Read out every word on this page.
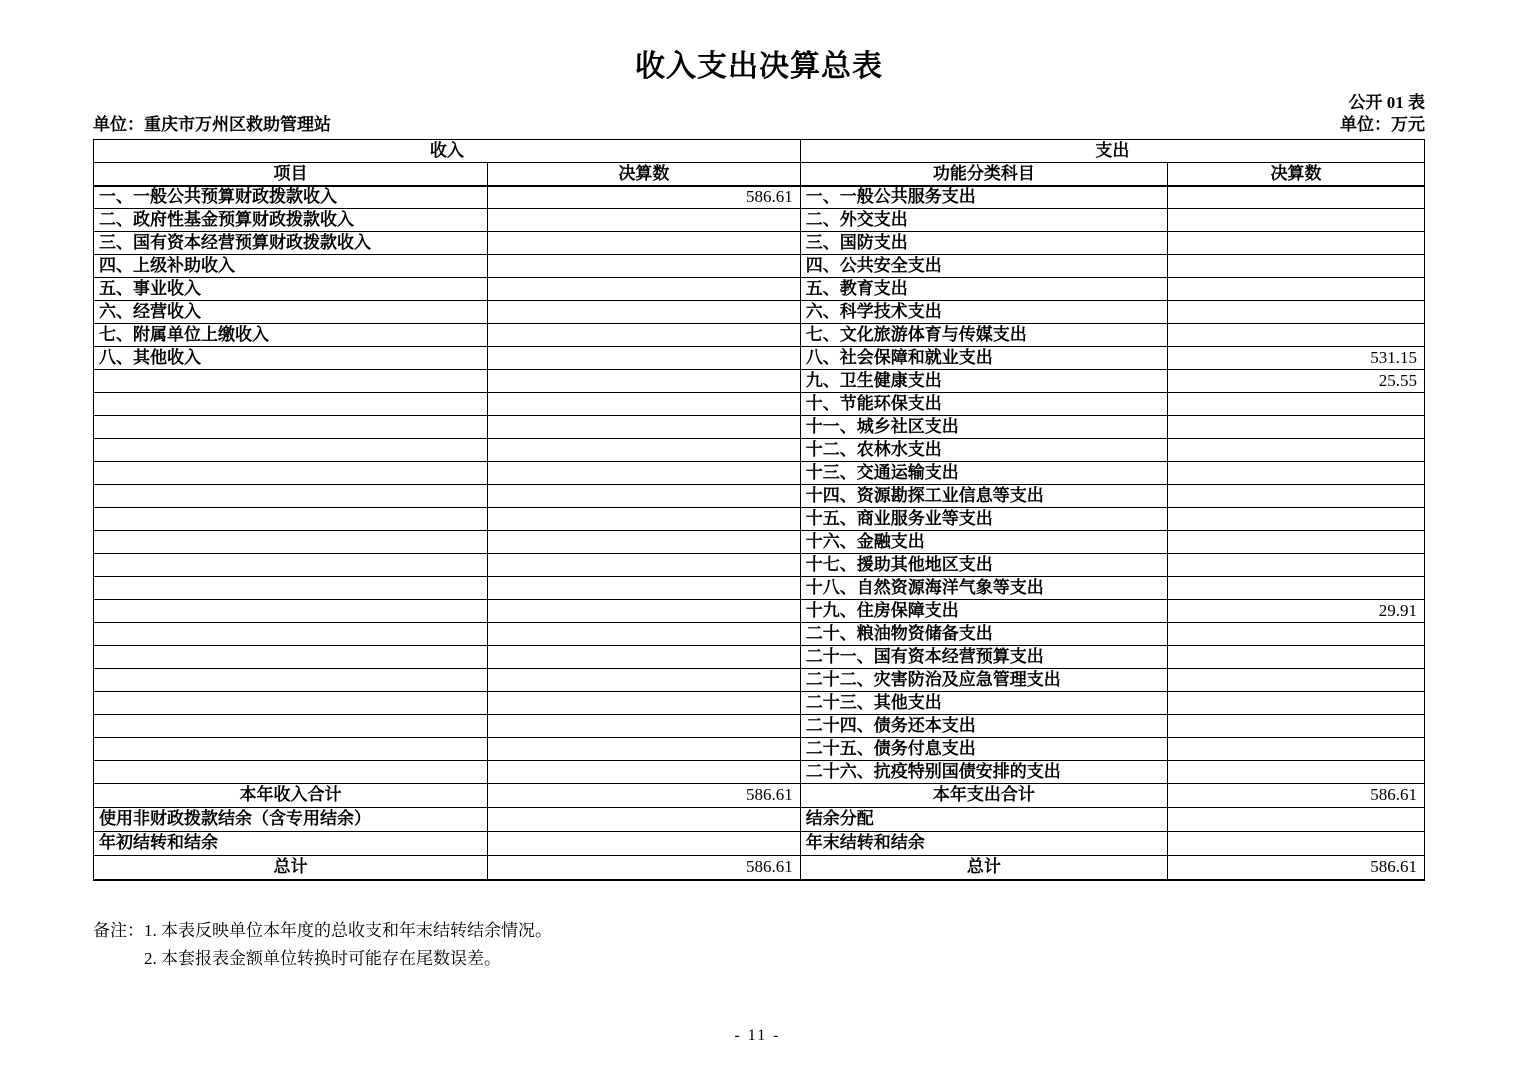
收入支出决算总表
公开 01 表
单位：重庆市万州区救助管理站	单位：万元
收入		支出	
项目	决算数	功能分类科目	决算数
一、一般公共预算财政拨款收入	586.61	一、一般公共服务支出	
二、政府性基金预算财政拨款收入		二、外交支出	
三、国有资本经营预算财政拨款收入		三、国防支出	
四、上级补助收入		四、公共安全支出	
五、事业收入		五、教育支出	
六、经营收入		六、科学技术支出	
七、附属单位上缴收入		七、文化旅游体育与传媒支出	
八、其他收入		八、社会保障和就业支出	531.15
		九、卫生健康支出	25.55
		十、节能环保支出	
		十一、城乡社区支出	
		十二、农林水支出	
		十三、交通运输支出	
		十四、资源勘探工业信息等支出	
		十五、商业服务业等支出	
		十六、金融支出	
		十七、援助其他地区支出	
		十八、自然资源海洋气象等支出	
		十九、住房保障支出	29.91
		二十、粮油物资储备支出	
		二十一、国有资本经营预算支出	
		二十二、灾害防治及应急管理支出	
		二十三、其他支出	
		二十四、债务还本支出	
		二十五、债务付息支出	
		二十六、抗疫特别国债安排的支出	
本年收入合计	586.61	本年支出合计	586.61
使用非财政拨款结余（含专用结余）		结余分配	
年初结转和结余		年末结转和结余	
总计	586.61	总计	586.61
备注： 1. 本表反映单位本年度的总收支和年末结转结余情况。
2. 本套报表金额单位转换时可能存在尾数误差。
- 11 -
